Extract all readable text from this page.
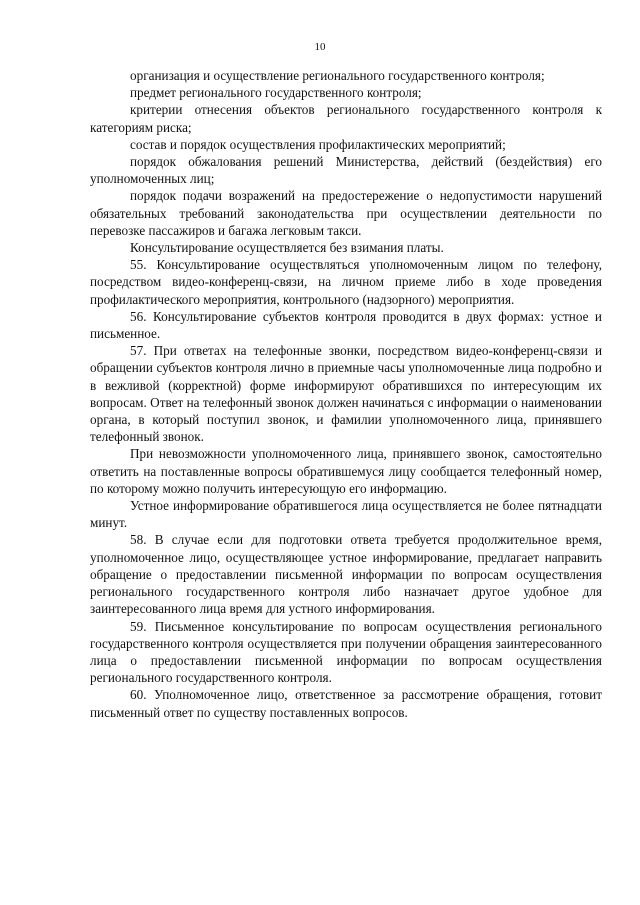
10

организация и осуществление регионального государственного контроля;

предмет регионального государственного контроля;

критерии отнесения объектов регионального государственного контроля к категориям риска;

состав и порядок осуществления профилактических мероприятий;

порядок обжалования решений Министерства, действий (бездействия) его уполномоченных лиц;

порядок подачи возражений на предостережение о недопустимости нарушений обязательных требований законодательства при осуществлении деятельности по перевозке пассажиров и багажа легковым такси.

Консультирование осуществляется без взимания платы.

55. Консультирование осуществляться уполномоченным лицом по телефону, посредством видео-конференц-связи, на личном приеме либо в ходе проведения профилактического мероприятия, контрольного (надзорного) мероприятия.

56. Консультирование субъектов контроля проводится в двух формах: устное и письменное.

57. При ответах на телефонные звонки, посредством видео-конференц-связи и обращении субъектов контроля лично в приемные часы уполномоченные лица подробно и в вежливой (корректной) форме информируют обратившихся по интересующим их вопросам. Ответ на телефонный звонок должен начинаться с информации о наименовании органа, в который поступил звонок, и фамилии уполномоченного лица, принявшего телефонный звонок.

При невозможности уполномоченного лица, принявшего звонок, самостоятельно ответить на поставленные вопросы обратившемуся лицу сообщается телефонный номер, по которому можно получить интересующую его информацию.

Устное информирование обратившегося лица осуществляется не более пятнадцати минут.

58. В случае если для подготовки ответа требуется продолжительное время, уполномоченное лицо, осуществляющее устное информирование, предлагает направить обращение о предоставлении письменной информации по вопросам осуществления регионального государственного контроля либо назначает другое удобное для заинтересованного лица время для устного информирования.

59. Письменное консультирование по вопросам осуществления регионального государственного контроля осуществляется при получении обращения заинтересованного лица о предоставлении письменной информации по вопросам осуществления регионального государственного контроля.

60. Уполномоченное лицо, ответственное за рассмотрение обращения, готовит письменный ответ по существу поставленных вопросов.
